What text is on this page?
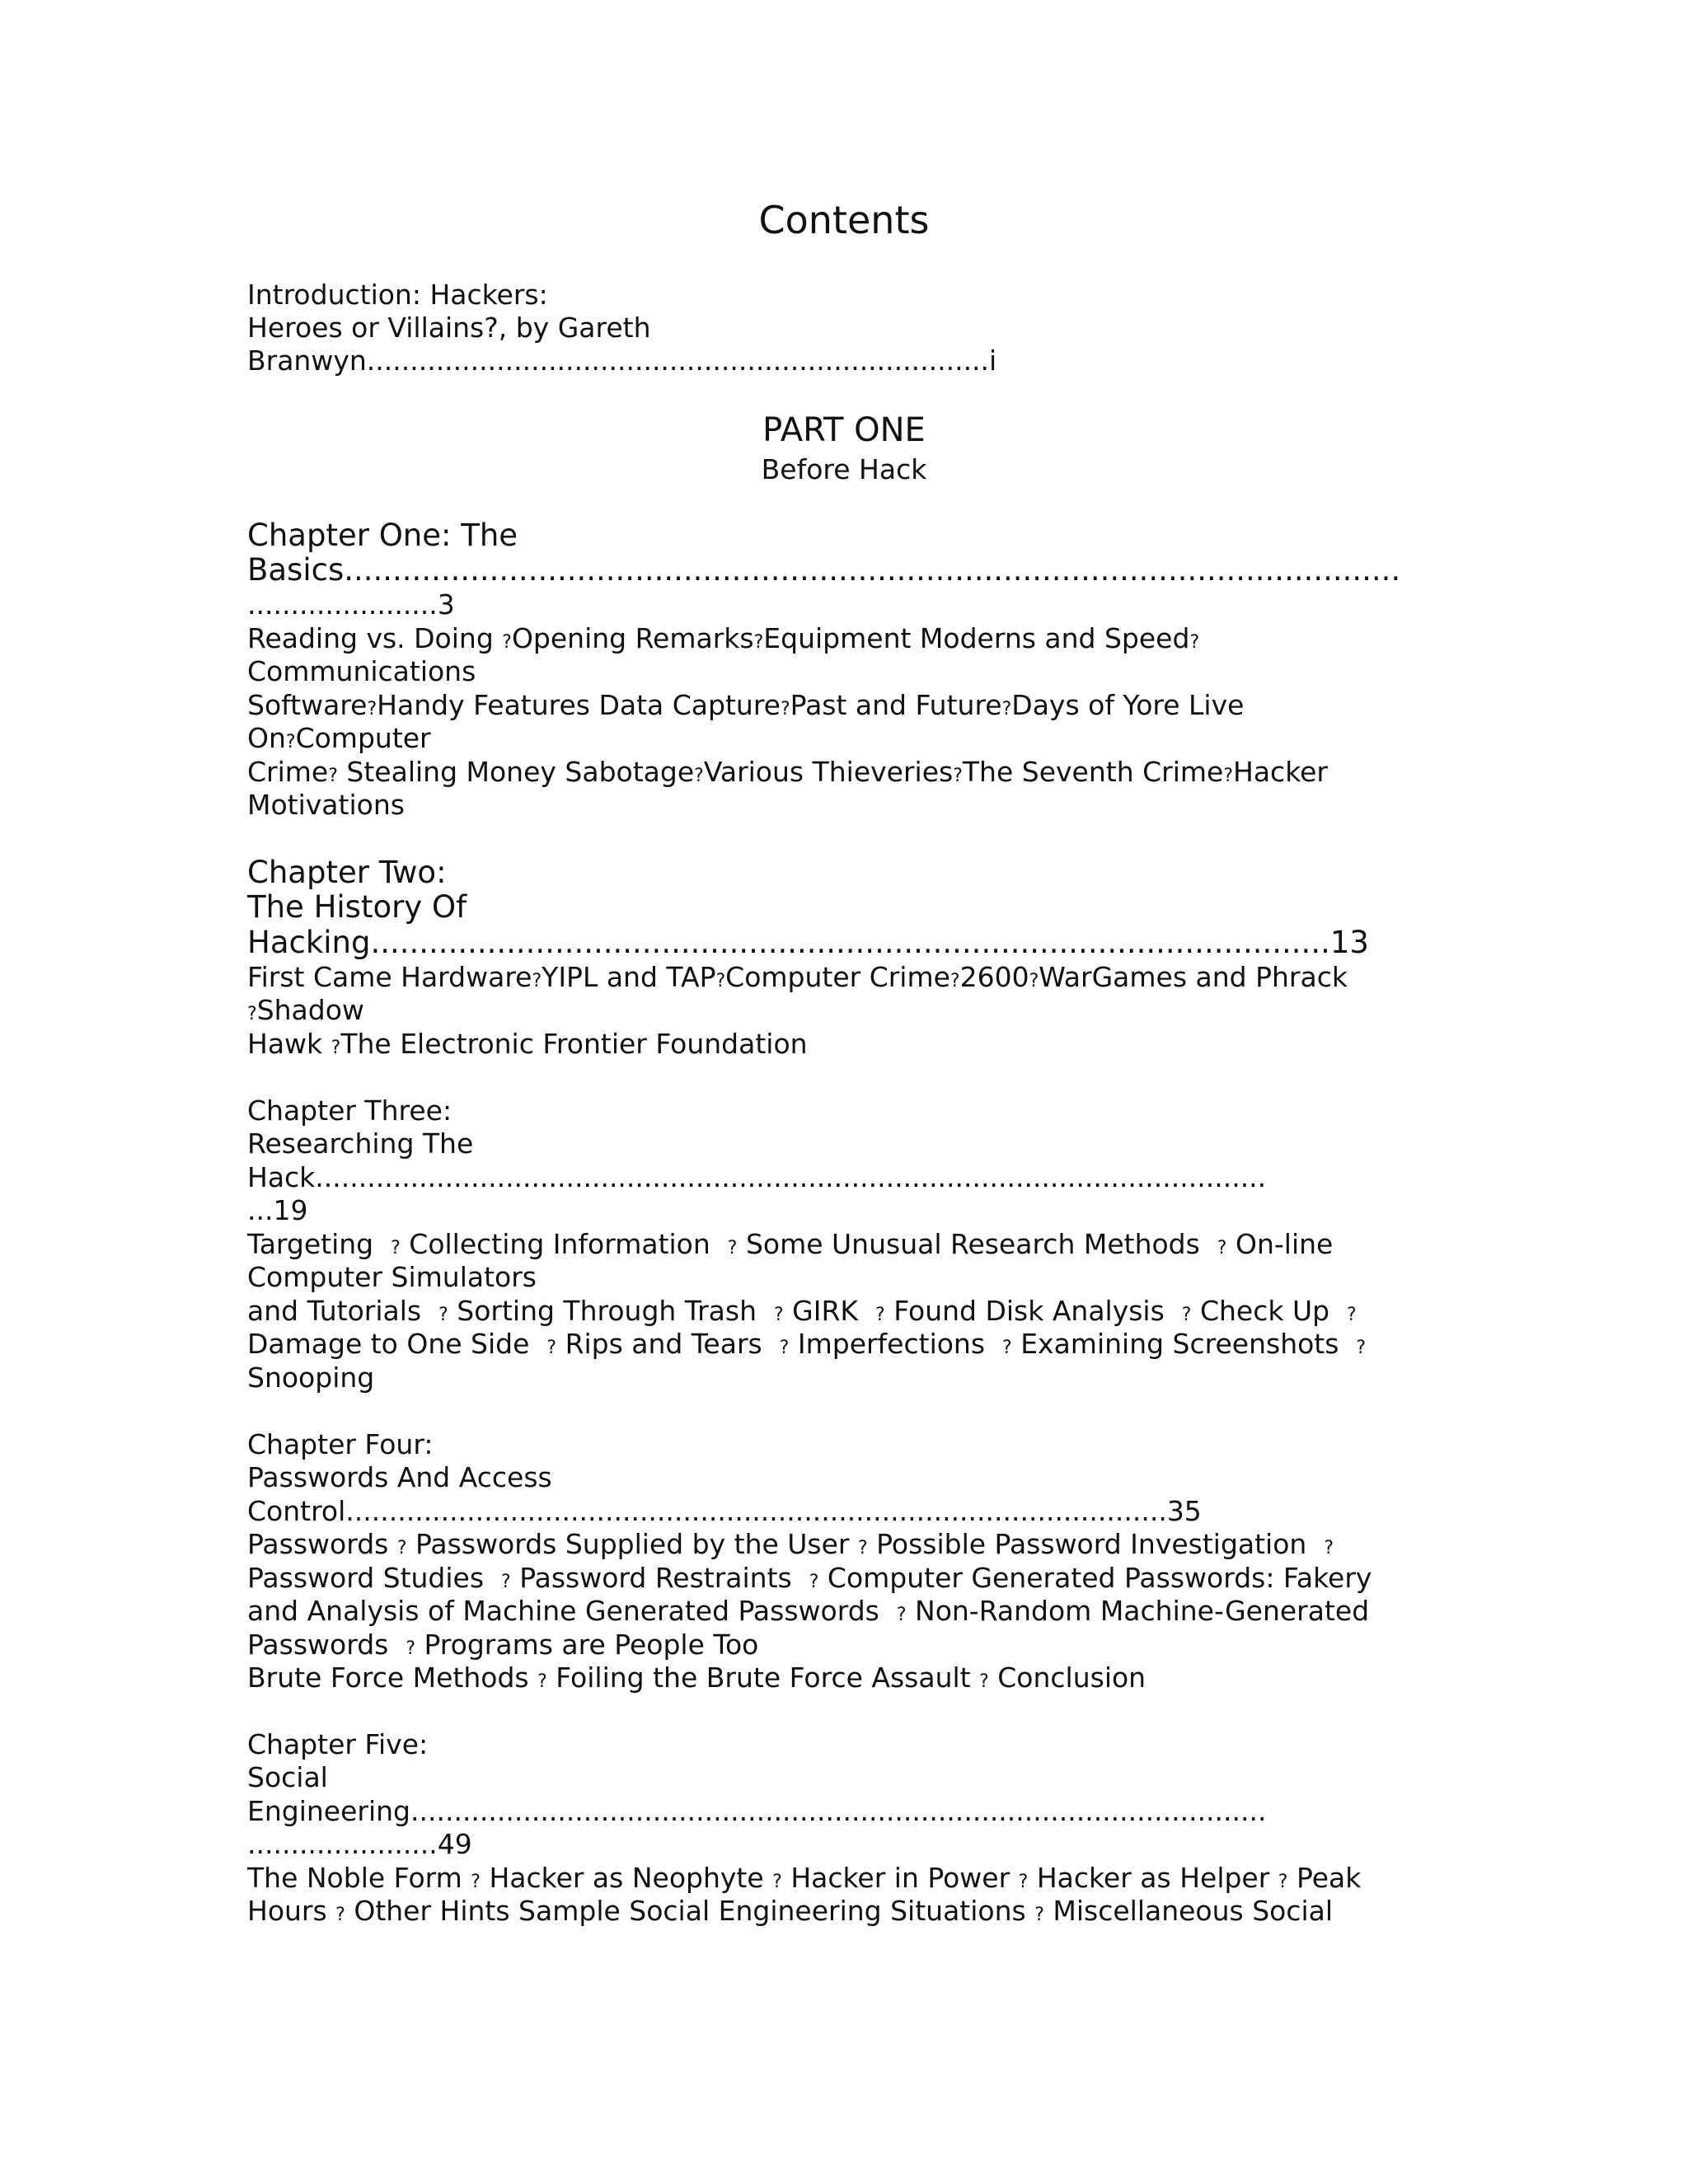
Contents
Introduction: Hackers:
Heroes or Villains?, by Gareth
Branwyn........................................................................i
PART ONE
Before Hack
Chapter One: The
Basics.............................................................................................................
......................3
Reading vs. Doing ?Opening Remarks?Equipment Moderns and Speed?
Communications
Software?Handy Features Data Capture?Past and Future?Days of Yore Live
On?Computer
Crime? Stealing Money Sabotage?Various Thieveries?The Seventh Crime?Hacker
Motivations
Chapter Two:
The History Of
Hacking...................................................................................................13
First Came Hardware?YIPL and TAP?Computer Crime?2600?WarGames and Phrack
?Shadow
Hawk ?The Electronic Frontier Foundation
Chapter Three:
Researching The
Hack..............................................................................................................
...19
Targeting  ? Collecting Information  ? Some Unusual Research Methods  ? On-line
Computer Simulators
and Tutorials  ? Sorting Through Trash  ? GIRK  ? Found Disk Analysis  ? Check Up  ?
Damage to One Side  ? Rips and Tears  ? Imperfections  ? Examining Screenshots  ?
Snooping
Chapter Four:
Passwords And Access
Control...............................................................................................35
Passwords ? Passwords Supplied by the User ? Possible Password Investigation  ?
Password Studies  ? Password Restraints  ? Computer Generated Passwords: Fakery
and Analysis of Machine Generated Passwords  ? Non-Random Machine-Generated
Passwords  ? Programs are People Too
Brute Force Methods ? Foiling the Brute Force Assault ? Conclusion
Chapter Five:
Social
Engineering...................................................................................................
......................49
The Noble Form ? Hacker as Neophyte ? Hacker in Power ? Hacker as Helper ? Peak
Hours ? Other Hints Sample Social Engineering Situations ? Miscellaneous Social
